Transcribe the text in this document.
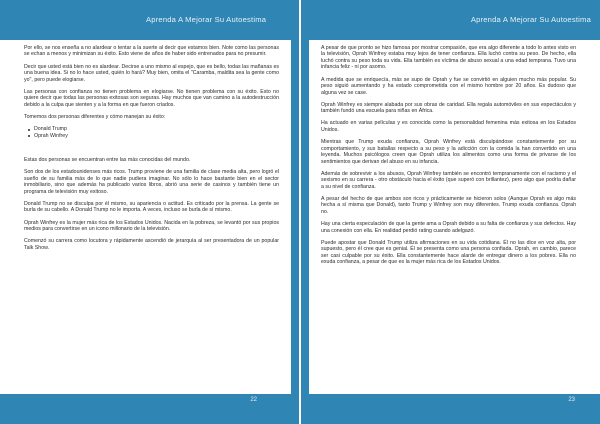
Aprenda A Mejorar Su Autoestima

Por ello, se nos enseña a no alardear o tentar a la suerte al decir que estamos bien. Note como las personas se echan a menos y minimizan su éxito. Esto viene de años de haber sido entrenados para no presumir.

Decir que usted está bien no es alardear. Decirse a uno mismo al espejo, que es bello, todas las mañanas es una buena idea. Si no lo hace usted, quién lo hará? Muy bien, omita el "Caramba, maldita sea la gente como yo", pero puede elogiarse.

Las personas con confianza no tienen problema en elogiarse. No tienen problema con su éxito. Esto no quiere decir que todas las personas exitosas son seguras. Hay muchos que van camino a la autodestrucción debido a la culpa que sienten y a la forma en que fueron criados.

Tomemos dos personas diferentes y cómo manejan su éxito:

Donald Trump
Oprah Winfrey

Estas dos personas se encuentran entre las más conocidas del mundo.

Son dos de los estadounidenses más ricos. Trump proviene de una familia de clase media alta, pero logró el sueño de su familia más de lo que nadie pudiera imaginar. No sólo lo hace bastante bien en el sector inmobiliario, sino que además ha publicado varios libros, abrió una serie de casinos y también tiene un programa de televisión muy exitoso.

Donald Trump no se disculpa por él mismo, su apariencia o actitud. Es criticado por la prensa. La gente se burla de su cabello. A Donald Trump no le importa. A veces, incluso se burla de sí mismo.

Oprah Winfrey es la mujer más rica de los Estados Unidos. Nacida en la pobreza, se levantó por sus propios medios para convertirse en un icono millonario de la televisión.

Comenzó su carrera como locutora y rápidamente ascendió de jerarquía al ser presentadora de un popular Talk Show.

22
Aprenda A Mejorar Su Autoestima

A pesar de que pronto se hizo famosa por mostrar compasión, que era algo diferente a todo lo antes visto en la televisión, Oprah Winfrey estaba muy lejos de tener confianza. Ella luchó contra su peso. De hecho, ella luchó contra su peso toda su vida. Ella también es víctima de abuso sexual a una edad temprana. Tuvo una infancia feliz - ni por asomo.

A medida que se enriquecía, más se supo de Oprah y fue se convirtió en alguien mucho más popular. Su peso siguió aumentando y ha estado comprometida con el mismo hombre por 20 años. Es dudoso que alguna vez se case.

Oprah Winfrey es siempre alabada por sus obras de caridad. Ella regala automóviles en sus espectáculos y también fundó una escuela para niñas en África.

Ha actuado en varias películas y es conocida como la personalidad femenina más exitosa en los Estados Unidos.

Mientras que Trump exuda confianza, Oprah Winfrey está disculpándose constantemente por su comportamiento, y sus batallas respecto a su peso y la adicción con la comida la han convertido en una leyenda. Muchos psicólogos creen que Oprah utiliza los alimentos como una forma de privarse de los sentimientos que derivan del abuso en su infancia.

Además de sobrevivir a los abusos, Oprah Winfrey también se encontró tempranamente con el racismo y el sexismo en su carrera - otro obstáculo hacia el éxito (que superó con brillantez), pero algo que podría dañar a su nivel de confianza.

A pesar del hecho de que ambos son ricos y prácticamente se hicieron solos (Aunque Oprah es algo más hecha a sí misma que Donald), tanto Trump y Winfrey son muy diferentes. Trump exuda confianza. Oprah no.

Hay una cierta especulación de que la gente ama a Oprah debido a su falta de confianza y sus defectos. Hay una conexión con ella. En realidad perdió rating cuando adelgazó.

Puede apostar que Donald Trump utiliza afirmaciones en su vida cotidiana. Él no las dice en voz alta, por supuesto, pero él cree que es genial. Él se presenta como una persona confiada. Oprah, en cambio, parece ser casi culpable por su éxito. Ella constantemente hace alarde de entregar dinero a los pobres. Ella no exuda confianza, a pesar de que es la mujer más rica de los Estados Unidos.

23
